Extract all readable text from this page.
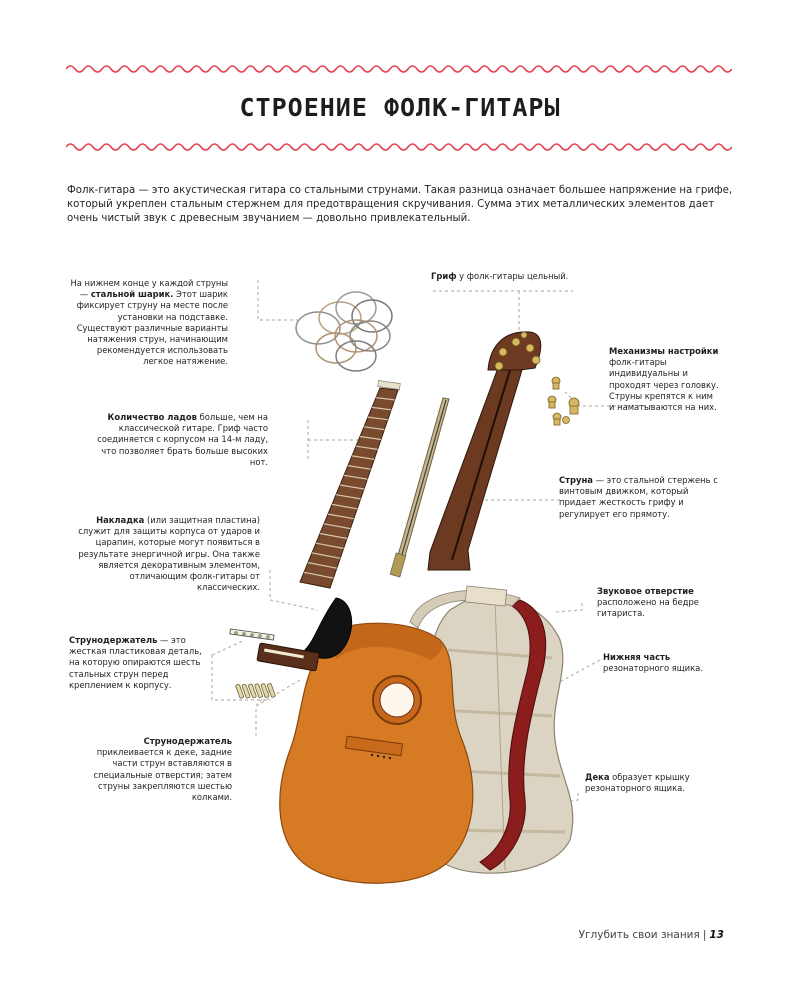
СТРОЕНИЕ ФОЛК-ГИТАРЫ
Фолк-гитара — это акустическая гитара со стальными струнами. Такая разница означает большее напряжение на грифе, который укреплен стальным стержнем для предотвращения скручивания. Сумма этих металлических элементов дает очень чистый звук с древесным звучанием — довольно привлекательный.
На нижнем конце у каждой струны — стальной шарик. Этот шарик фиксирует струну на месте после установки на подставке. Существуют различные варианты натяжения струн, начинающим рекомендуется использовать легкое натяжение.
Гриф у фолк-гитары цельный.
Механизмы настройки фолк-гитары индивидуальны и проходят через головку. Струны крепятся к ним и наматываются на них.
Количество ладов больше, чем на классической гитаре. Гриф часто соединяется с корпусом на 14-м ладу, что позволяет брать больше высоких нот.
Струна — это стальной стержень с винтовым движком, который придает жесткость грифу и регулирует его прямоту.
Накладка (или защитная пластина) служит для защиты корпуса от ударов и царапин, которые могут появиться в результате энергичной игры. Она также является декоративным элементом, отличающим фолк-гитары от классических.	Звуковое отверстие расположено на бедре гитариста.
Нижняя часть резонаторного ящика.
Струнодержатель — это жесткая пластиковая деталь, на которую опираются шесть стальных струн перед креплением к корпусу.
Струнодержатель приклеивается к деке, задние части струн вставляются в специальные отверстия; затем струны закрепляются шестью колками.
Дека образует крышку резонаторного ящика.
Углубить свои знания | 13
